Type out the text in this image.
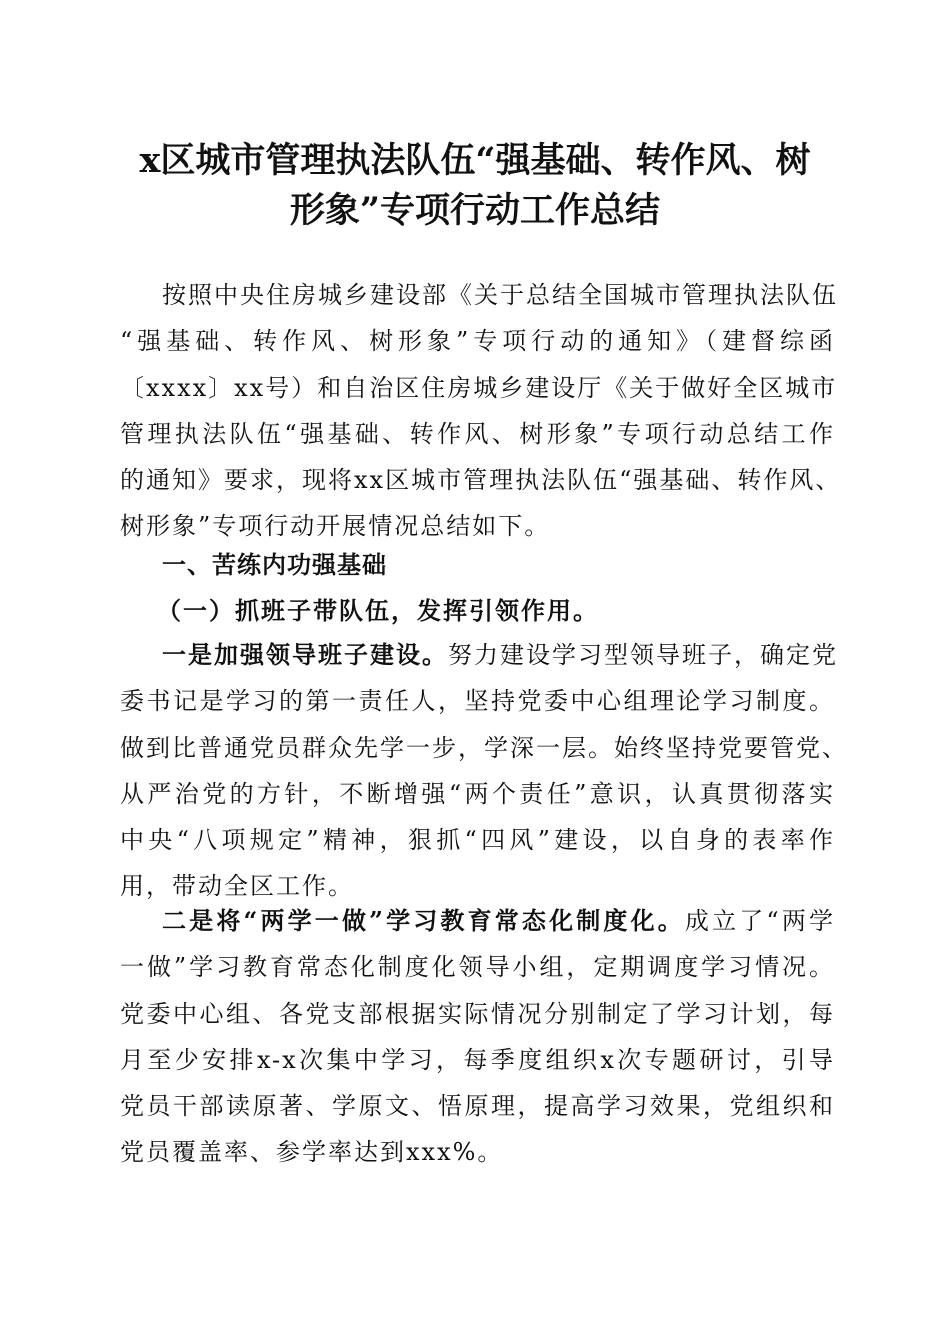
x区城市管理执法队伍“强基础、转作风、树
形象”专项行动工作总结
按照中央住房城乡建设部《关于总结全国城市管理执法队伍
“强基础、转作风、树形象”专项行动的通知》（建督综函
〔xxxx〕xx号）和自治区住房城乡建设厅《关于做好全区城市
管理执法队伍“强基础、转作风、树形象”专项行动总结工作
的通知》要求，现将xx区城市管理执法队伍“强基础、转作风、
树形象”专项行动开展情况总结如下。
一、苦练内功强基础
（一）抓班子带队伍，发挥引领作用。
一是加强领导班子建设。努力建设学习型领导班子，确定党
委书记是学习的第一责任人，坚持党委中心组理论学习制度。
做到比普通党员群众先学一步，学深一层。始终坚持党要管党、
从严治党的方针，不断增强“两个责任”意识，认真贯彻落实
中央“八项规定”精神，狠抓“四风”建设，以自身的表率作
用，带动全区工作。
二是将“两学一做”学习教育常态化制度化。成立了“两学
一做”学习教育常态化制度化领导小组，定期调度学习情况。
党委中心组、各党支部根据实际情况分别制定了学习计划，每
月至少安排x-x次集中学习，每季度组织x次专题研讨，引导
党员干部读原著、学原文、悟原理，提高学习效果，党组织和
党员覆盖率、参学率达到xxx%。
